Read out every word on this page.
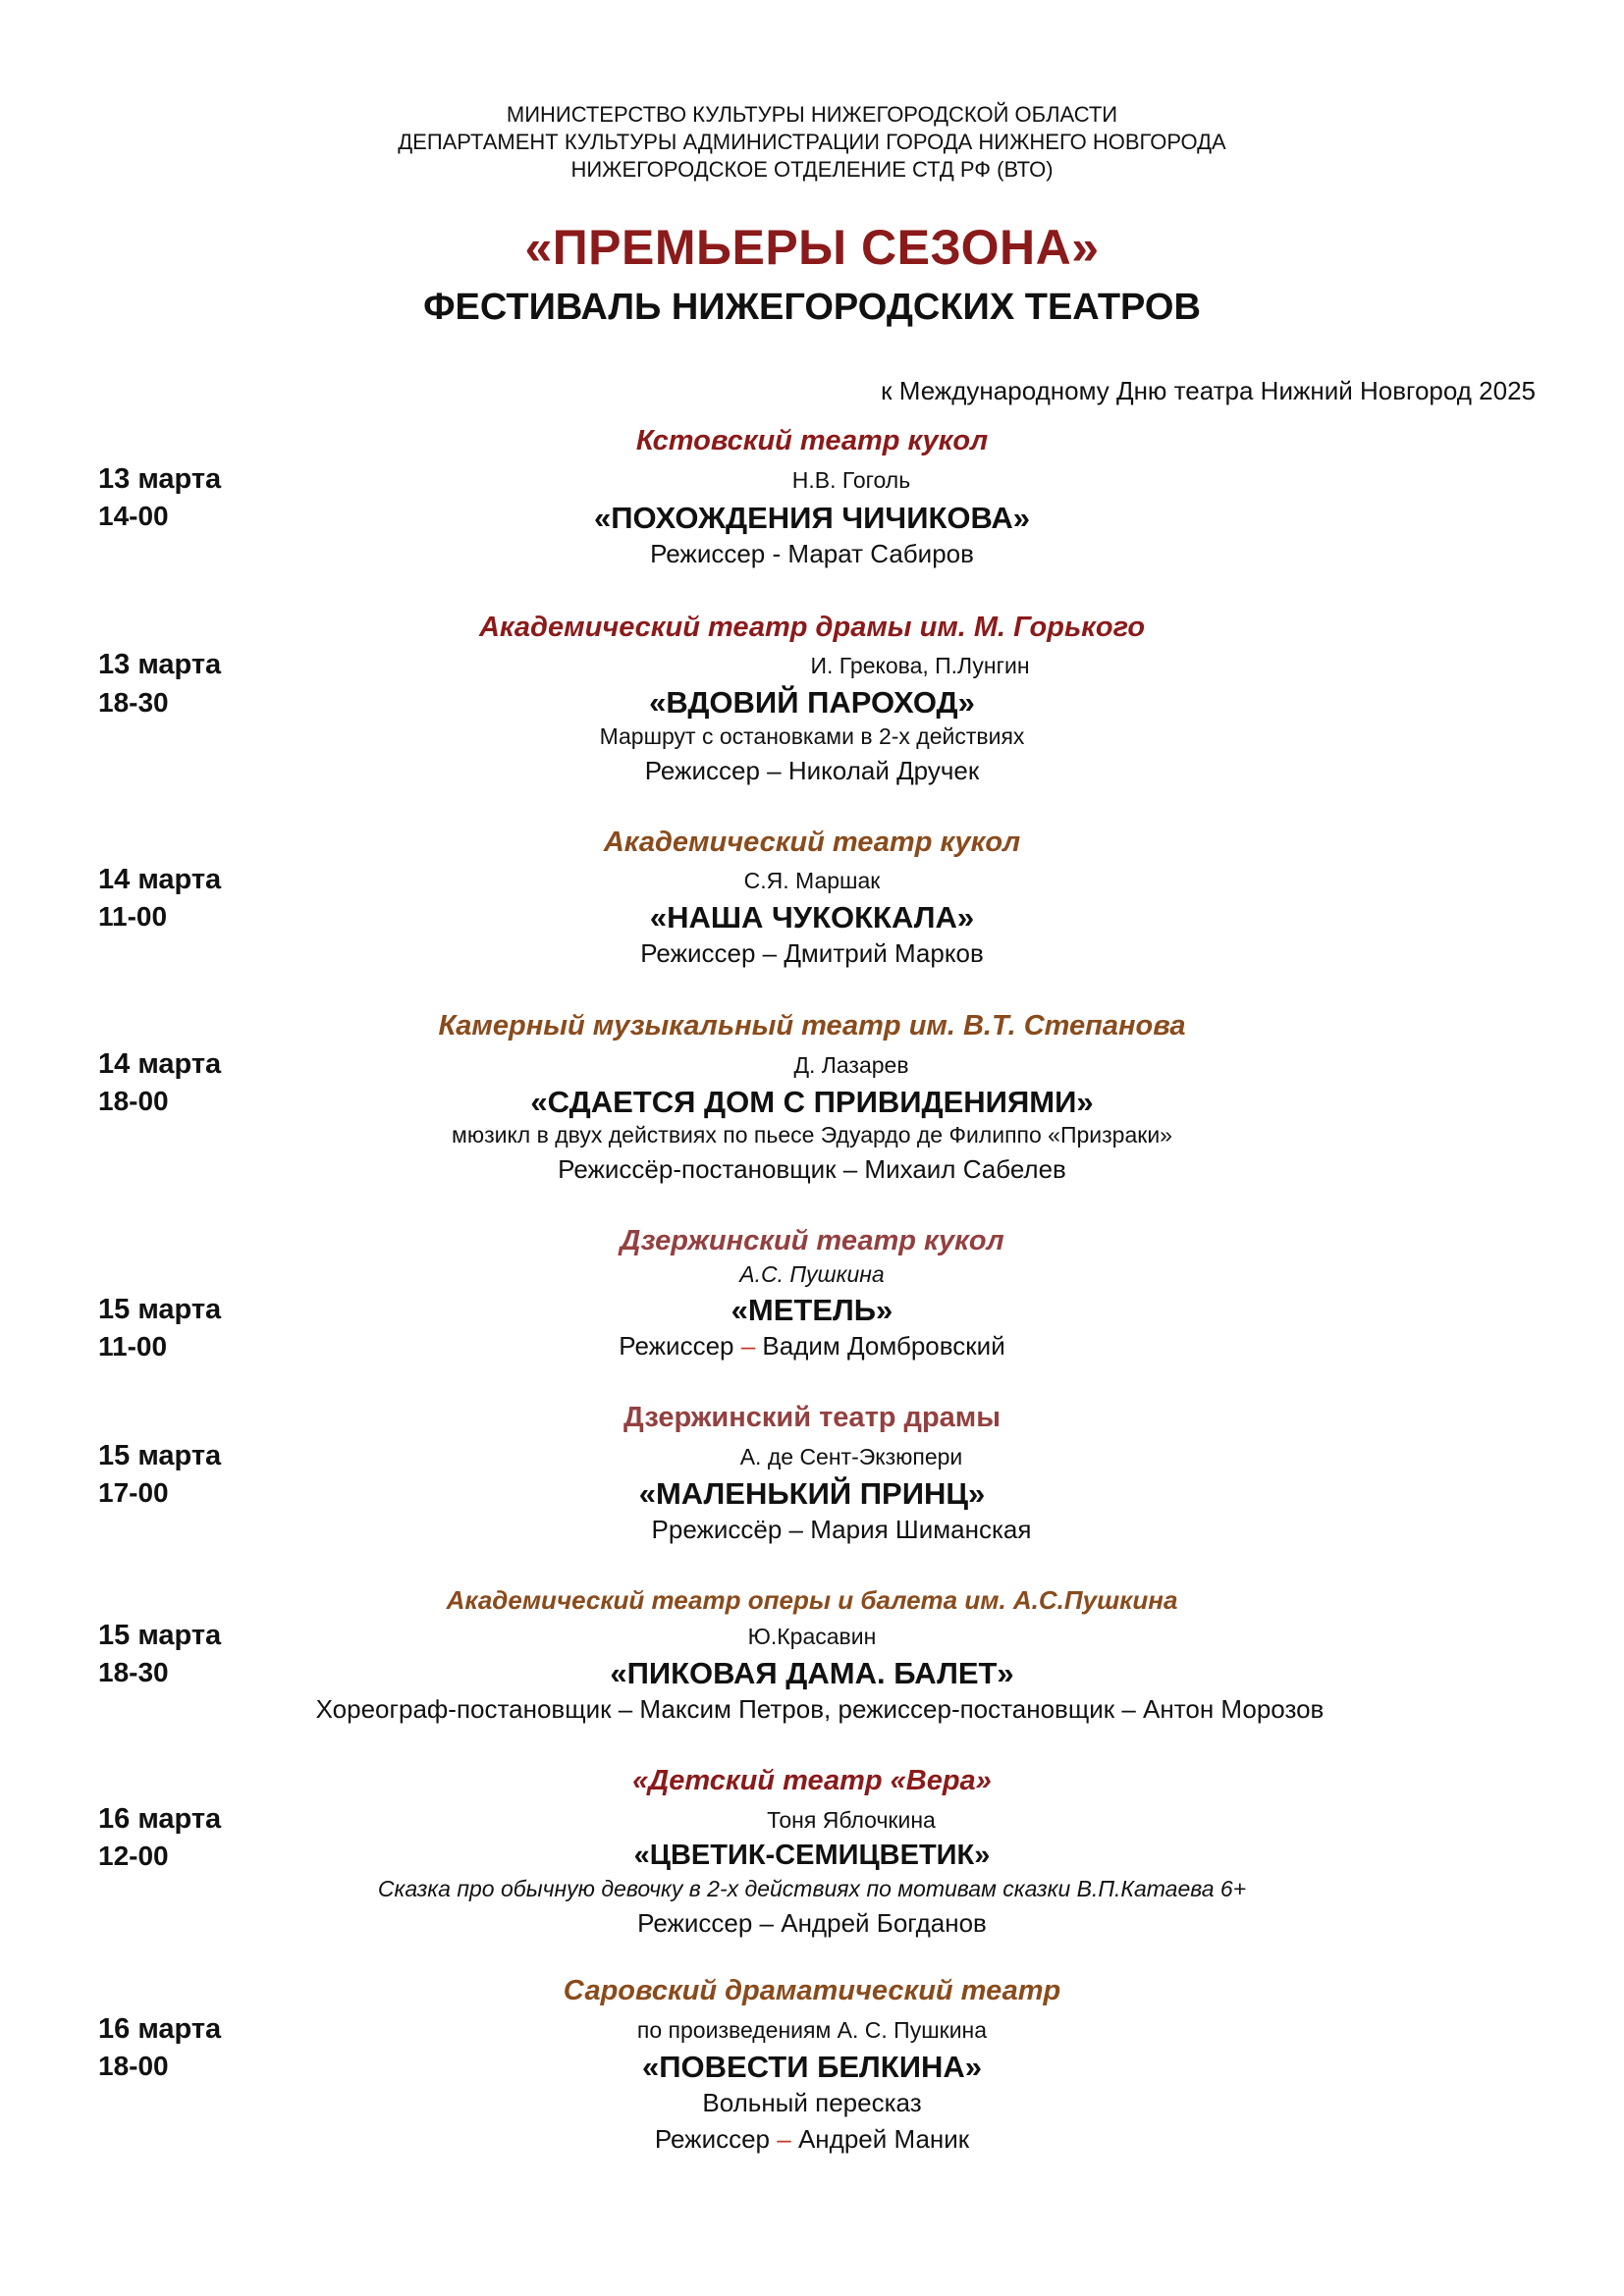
МИНИСТЕРСТВО КУЛЬТУРЫ НИЖЕГОРОДСКОЙ ОБЛАСТИ
ДЕПАРТАМЕНТ КУЛЬТУРЫ АДМИНИСТРАЦИИ ГОРОДА НИЖНЕГО НОВГОРОДА
НИЖЕГОРОДСКОЕ ОТДЕЛЕНИЕ СТД РФ (ВТО)
«ПРЕМЬЕРЫ СЕЗОНА»
ФЕСТИВАЛЬ НИЖЕГОРОДСКИХ ТЕАТРОВ
к Международному Дню театра Нижний Новгород 2025
Кстовский театр кукол
13 марта	Н.В. Гоголь
14-00	«ПОХОЖДЕНИЯ ЧИЧИКОВА»
Режиссер - Марат Сабиров
Академический театр драмы им. М. Горького
13 марта	И. Грекова, П.Лунгин
18-30	«ВДОВИЙ ПАРОХОД»
Маршрут с остановками в 2-х действиях
Режиссер – Николай Дручек
Академический театр кукол
14 марта	С.Я. Маршак
11-00	«НАША ЧУКОККАЛА»
Режиссер – Дмитрий Марков
Камерный музыкальный театр им. В.Т. Степанова
14 марта	Д. Лазарев
18-00	«СДАЕТСЯ ДОМ С ПРИВИДЕНИЯМИ»
мюзикл в двух действиях по пьесе Эдуардо де Филиппо «Призраки»
Режиссёр-постановщик – Михаил Сабелев
Дзержинский театр кукол
А.С. Пушкина
15 марта	«МЕТЕЛЬ»
11-00	Режиссер – Вадим Домбровский
Дзержинский театр драмы
15 марта	А. де Сент-Экзюпери
17-00	«МАЛЕНЬКИЙ ПРИНЦ»
Ррежиссёр – Мария Шиманская
Академический театр оперы и балета им. А.С.Пушкина
15 марта	Ю.Красавин
18-30	«ПИКОВАЯ ДАМА. БАЛЕТ»
Хореограф-постановщик – Максим Петров, режиссер-постановщик – Антон Морозов
«Детский театр «Вера»
16 марта	Тоня Яблочкина
12-00	«ЦВЕТИК-СЕМИЦВЕТИК»
Сказка про обычную девочку в 2-х действиях по мотивам сказки В.П.Катаева 6+
Режиссер – Андрей Богданов
Саровский драматический театр
16 марта	по произведениям А. С. Пушкина
18-00	«ПОВЕСТИ БЕЛКИНА»
Вольный пересказ
Режиссер – Андрей Маник
